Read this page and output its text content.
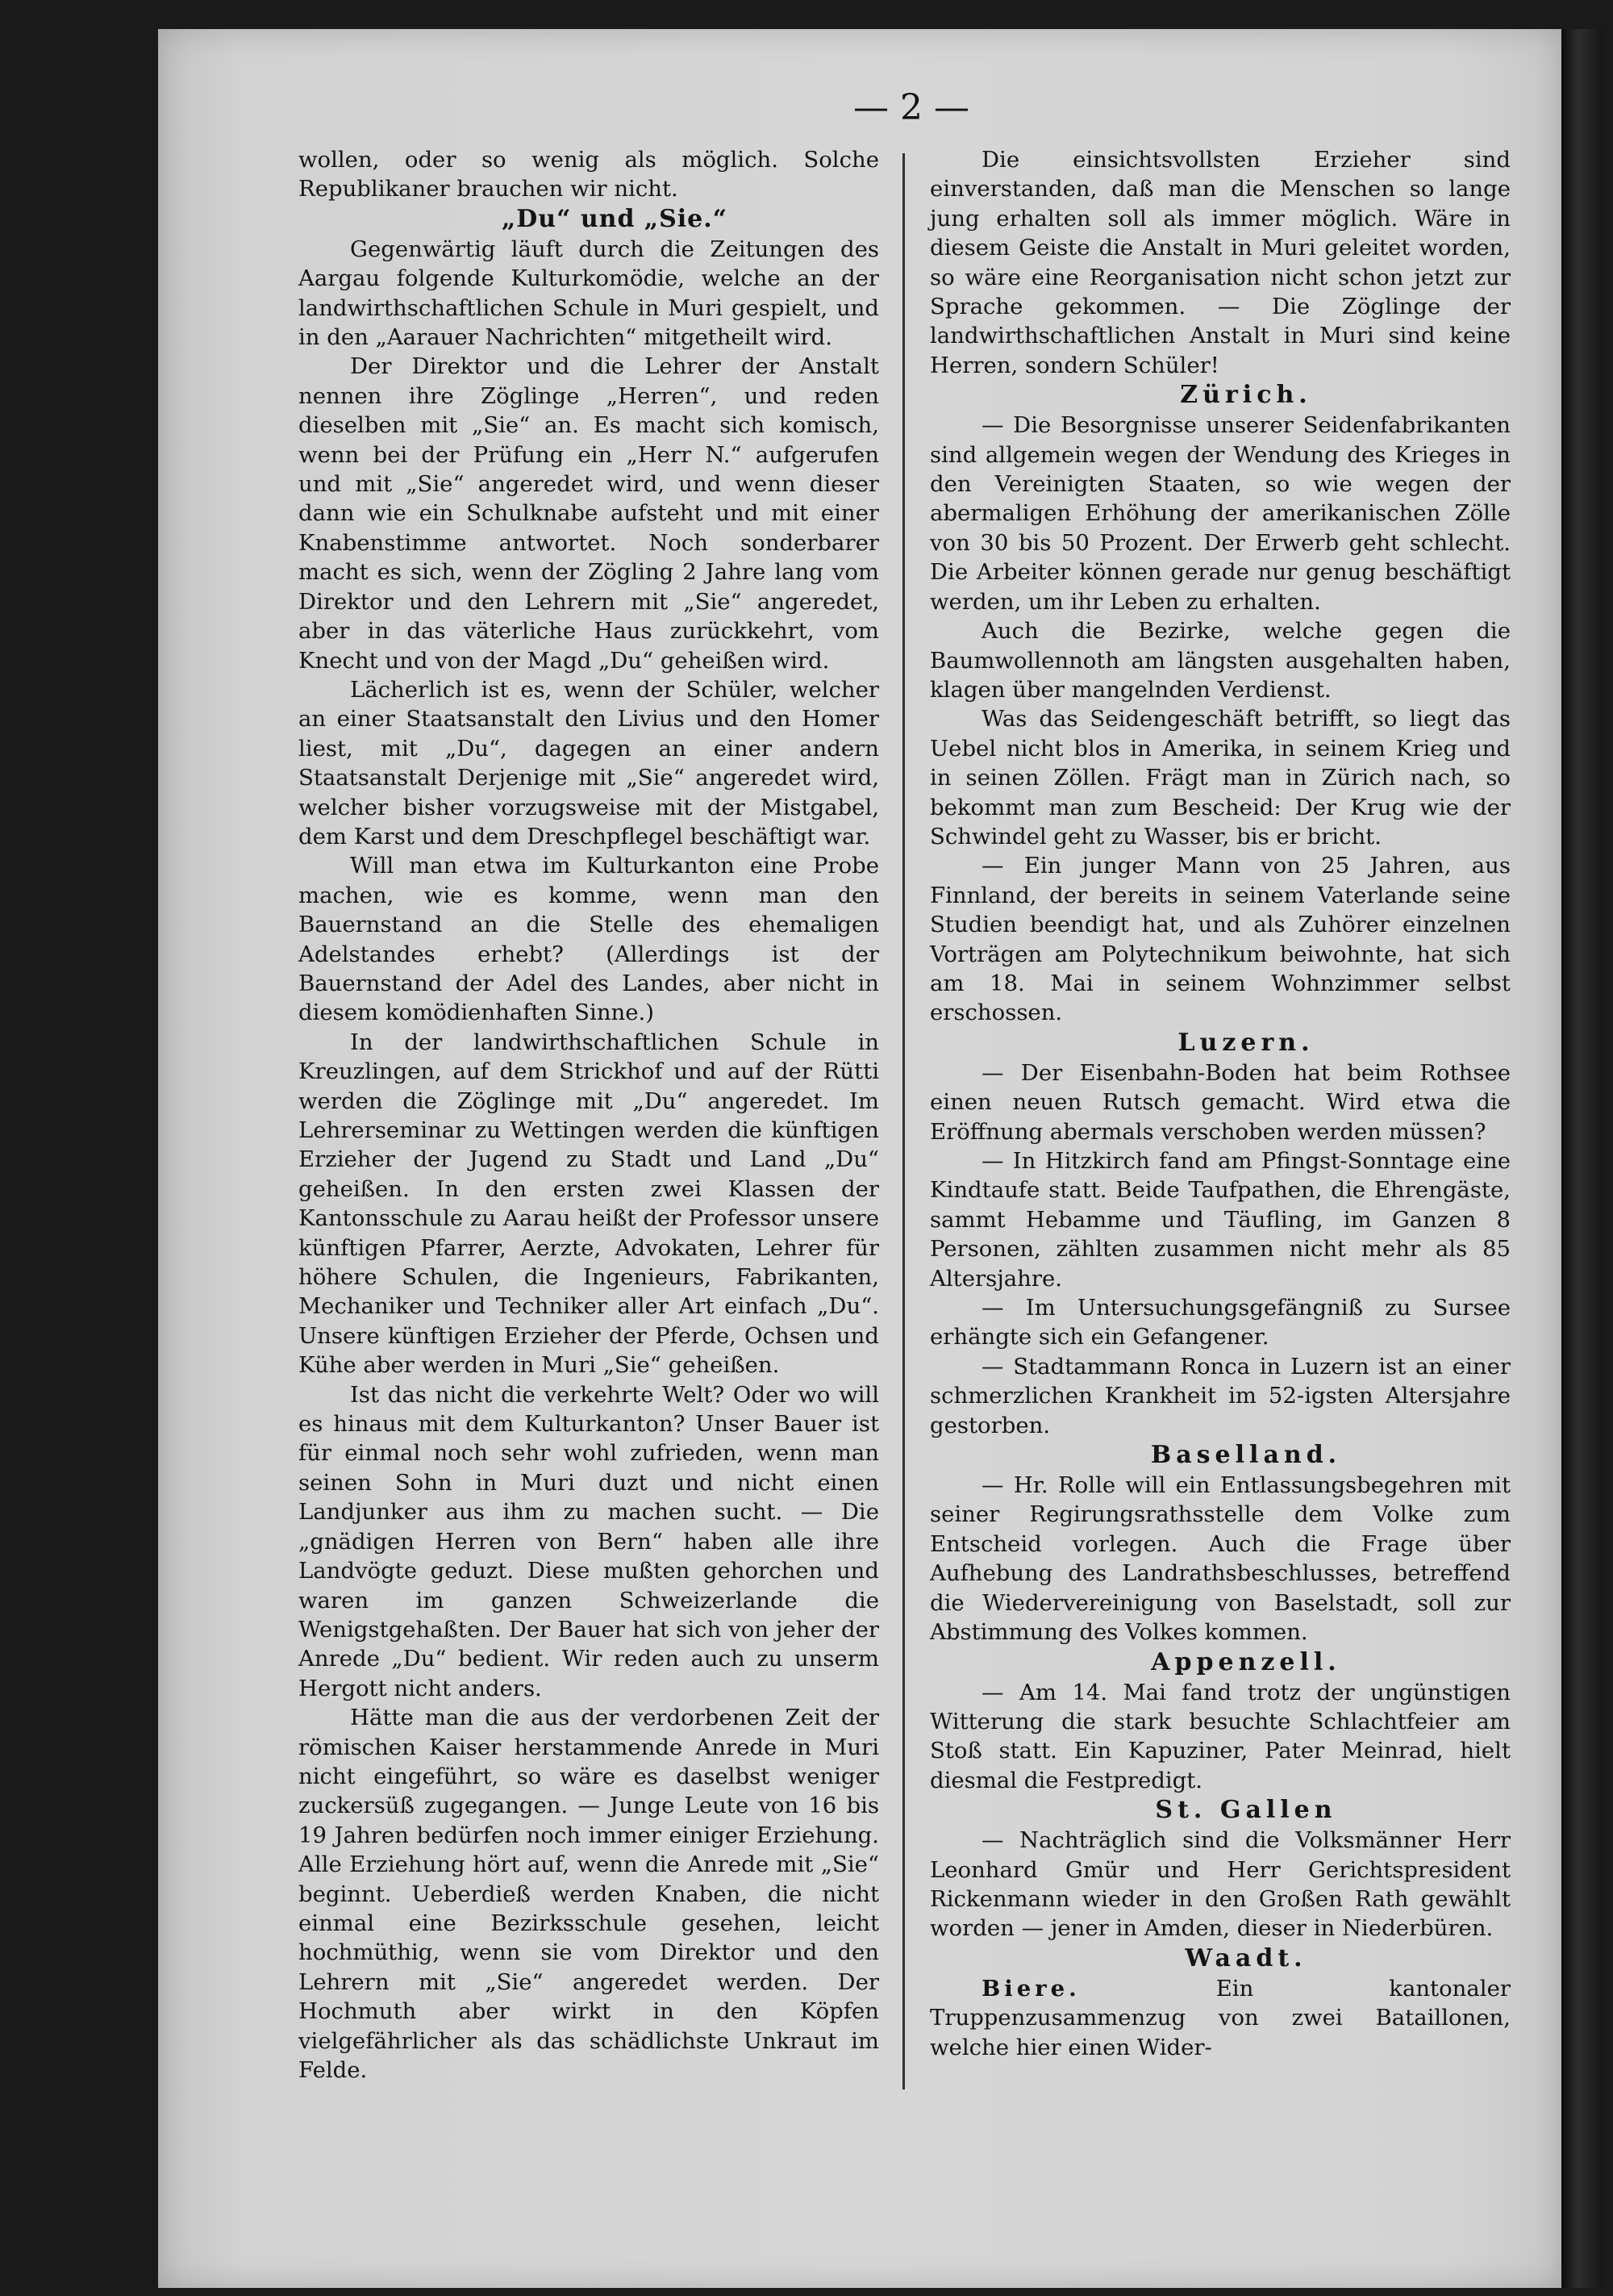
— 2 —

wollen, oder so wenig als möglich. Solche Republikaner brauchen wir nicht.

„Du“ und „Sie.“

Gegenwärtig läuft durch die Zeitungen des Aargau folgende Kulturkomödie, welche an der landwirthschaftlichen Schule in Muri gespielt, und in den „Aarauer Nachrichten“ mitgetheilt wird.

Der Direktor und die Lehrer der Anstalt nennen ihre Zöglinge „Herren“, und reden dieselben mit „Sie“ an. Es macht sich komisch, wenn bei der Prüfung ein „Herr N.“ aufgerufen und mit „Sie“ angeredet wird, und wenn dieser dann wie ein Schulknabe aufsteht und mit einer Knabenstimme antwortet. Noch sonderbarer macht es sich, wenn der Zögling 2 Jahre lang vom Direktor und den Lehrern mit „Sie“ angeredet, aber in das väterliche Haus zurückkehrt, vom Knecht und von der Magd „Du“ geheißen wird.

Lächerlich ist es, wenn der Schüler, welcher an einer Staatsanstalt den Livius und den Homer liest, mit „Du“, dagegen an einer andern Staatsanstalt Derjenige mit „Sie“ angeredet wird, welcher bisher vorzugsweise mit der Mistgabel, dem Karst und dem Dreschpflegel beschäftigt war.

Will man etwa im Kulturkanton eine Probe machen, wie es komme, wenn man den Bauernstand an die Stelle des ehemaligen Adelstandes erhebt? (Allerdings ist der Bauernstand der Adel des Landes, aber nicht in diesem komödienhaften Sinne.)

In der landwirthschaftlichen Schule in Kreuzlingen, auf dem Strickhof und auf der Rütti werden die Zöglinge mit „Du“ angeredet. Im Lehrerseminar zu Wettingen werden die künftigen Erzieher der Jugend zu Stadt und Land „Du“ geheißen. In den ersten zwei Klassen der Kantonsschule zu Aarau heißt der Professor unsere künftigen Pfarrer, Aerzte, Advokaten, Lehrer für höhere Schulen, die Ingenieurs, Fabrikanten, Mechaniker und Techniker aller Art einfach „Du“. Unsere künftigen Erzieher der Pferde, Ochsen und Kühe aber werden in Muri „Sie“ geheißen.

Ist das nicht die verkehrte Welt? Oder wo will es hinaus mit dem Kulturkanton? Unser Bauer ist für einmal noch sehr wohl zufrieden, wenn man seinen Sohn in Muri duzt und nicht einen Landjunker aus ihm zu machen sucht. — Die „gnädigen Herren von Bern“ haben alle ihre Landvögte geduzt. Diese mußten gehorchen und waren im ganzen Schweizerlande die Wenigstgehaßten. Der Bauer hat sich von jeher der Anrede „Du“ bedient. Wir reden auch zu unserm Hergott nicht anders.

Hätte man die aus der verdorbenen Zeit der römischen Kaiser herstammende Anrede in Muri nicht eingeführt, so wäre es daselbst weniger zuckersüß zugegangen. — Junge Leute von 16 bis 19 Jahren bedürfen noch immer einiger Erziehung. Alle Erziehung hört auf, wenn die Anrede mit „Sie“ beginnt. Ueberdieß werden Knaben, die nicht einmal eine Bezirksschule gesehen, leicht hochmüthig, wenn sie vom Direktor und den Lehrern mit „Sie“ angeredet werden. Der Hochmuth aber wirkt in den Köpfen vielgefährlicher als das schädlichste Unkraut im Felde.

Die einsichtsvollsten Erzieher sind einverstanden, daß man die Menschen so lange jung erhalten soll als immer möglich. Wäre in diesem Geiste die Anstalt in Muri geleitet worden, so wäre eine Reorganisation nicht schon jetzt zur Sprache gekommen. — Die Zöglinge der landwirthschaftlichen Anstalt in Muri sind keine Herren, sondern Schüler!

Zürich.

— Die Besorgnisse unserer Seidenfabrikanten sind allgemein wegen der Wendung des Krieges in den Vereinigten Staaten, so wie wegen der abermaligen Erhöhung der amerikanischen Zölle von 30 bis 50 Prozent. Der Erwerb geht schlecht. Die Arbeiter können gerade nur genug beschäftigt werden, um ihr Leben zu erhalten.

Auch die Bezirke, welche gegen die Baumwollennoth am längsten ausgehalten haben, klagen über mangelnden Verdienst.

Was das Seidengeschäft betrifft, so liegt das Uebel nicht blos in Amerika, in seinem Krieg und in seinen Zöllen. Frägt man in Zürich nach, so bekommt man zum Bescheid: Der Krug wie der Schwindel geht zu Wasser, bis er bricht.

— Ein junger Mann von 25 Jahren, aus Finnland, der bereits in seinem Vaterlande seine Studien beendigt hat, und als Zuhörer einzelnen Vorträgen am Polytechnikum beiwohnte, hat sich am 18. Mai in seinem Wohnzimmer selbst erschossen.

Luzern.

— Der Eisenbahn-Boden hat beim Rothsee einen neuen Rutsch gemacht. Wird etwa die Eröffnung abermals verschoben werden müssen?

— In Hitzkirch fand am Pfingst-Sonntage eine Kindtaufe statt. Beide Taufpathen, die Ehrengäste, sammt Hebamme und Täufling, im Ganzen 8 Personen, zählten zusammen nicht mehr als 85 Altersjahre.

— Im Untersuchungsgefängniß zu Sursee erhängte sich ein Gefangener.

— Stadtammann Ronca in Luzern ist an einer schmerzlichen Krankheit im 52-igsten Altersjahre gestorben.

Baselland.

— Hr. Rolle will ein Entlassungsbegehren mit seiner Regirungsrathsstelle dem Volke zum Entscheid vorlegen. Auch die Frage über Aufhebung des Landrathsbeschlusses, betreffend die Wiedervereinigung von Baselstadt, soll zur Abstimmung des Volkes kommen.

Appenzell.

— Am 14. Mai fand trotz der ungünstigen Witterung die stark besuchte Schlachtfeier am Stoß statt. Ein Kapuziner, Pater Meinrad, hielt diesmal die Festpredigt.

St. Gallen

— Nachträglich sind die Volksmänner Herr Leonhard Gmür und Herr Gerichtspresident Rickenmann wieder in den Großen Rath gewählt worden — jener in Amden, dieser in Niederbüren.

Waadt.

Biere.	Ein kantonaler Truppenzusammenzug von zwei Bataillonen, welche hier einen Wider-
